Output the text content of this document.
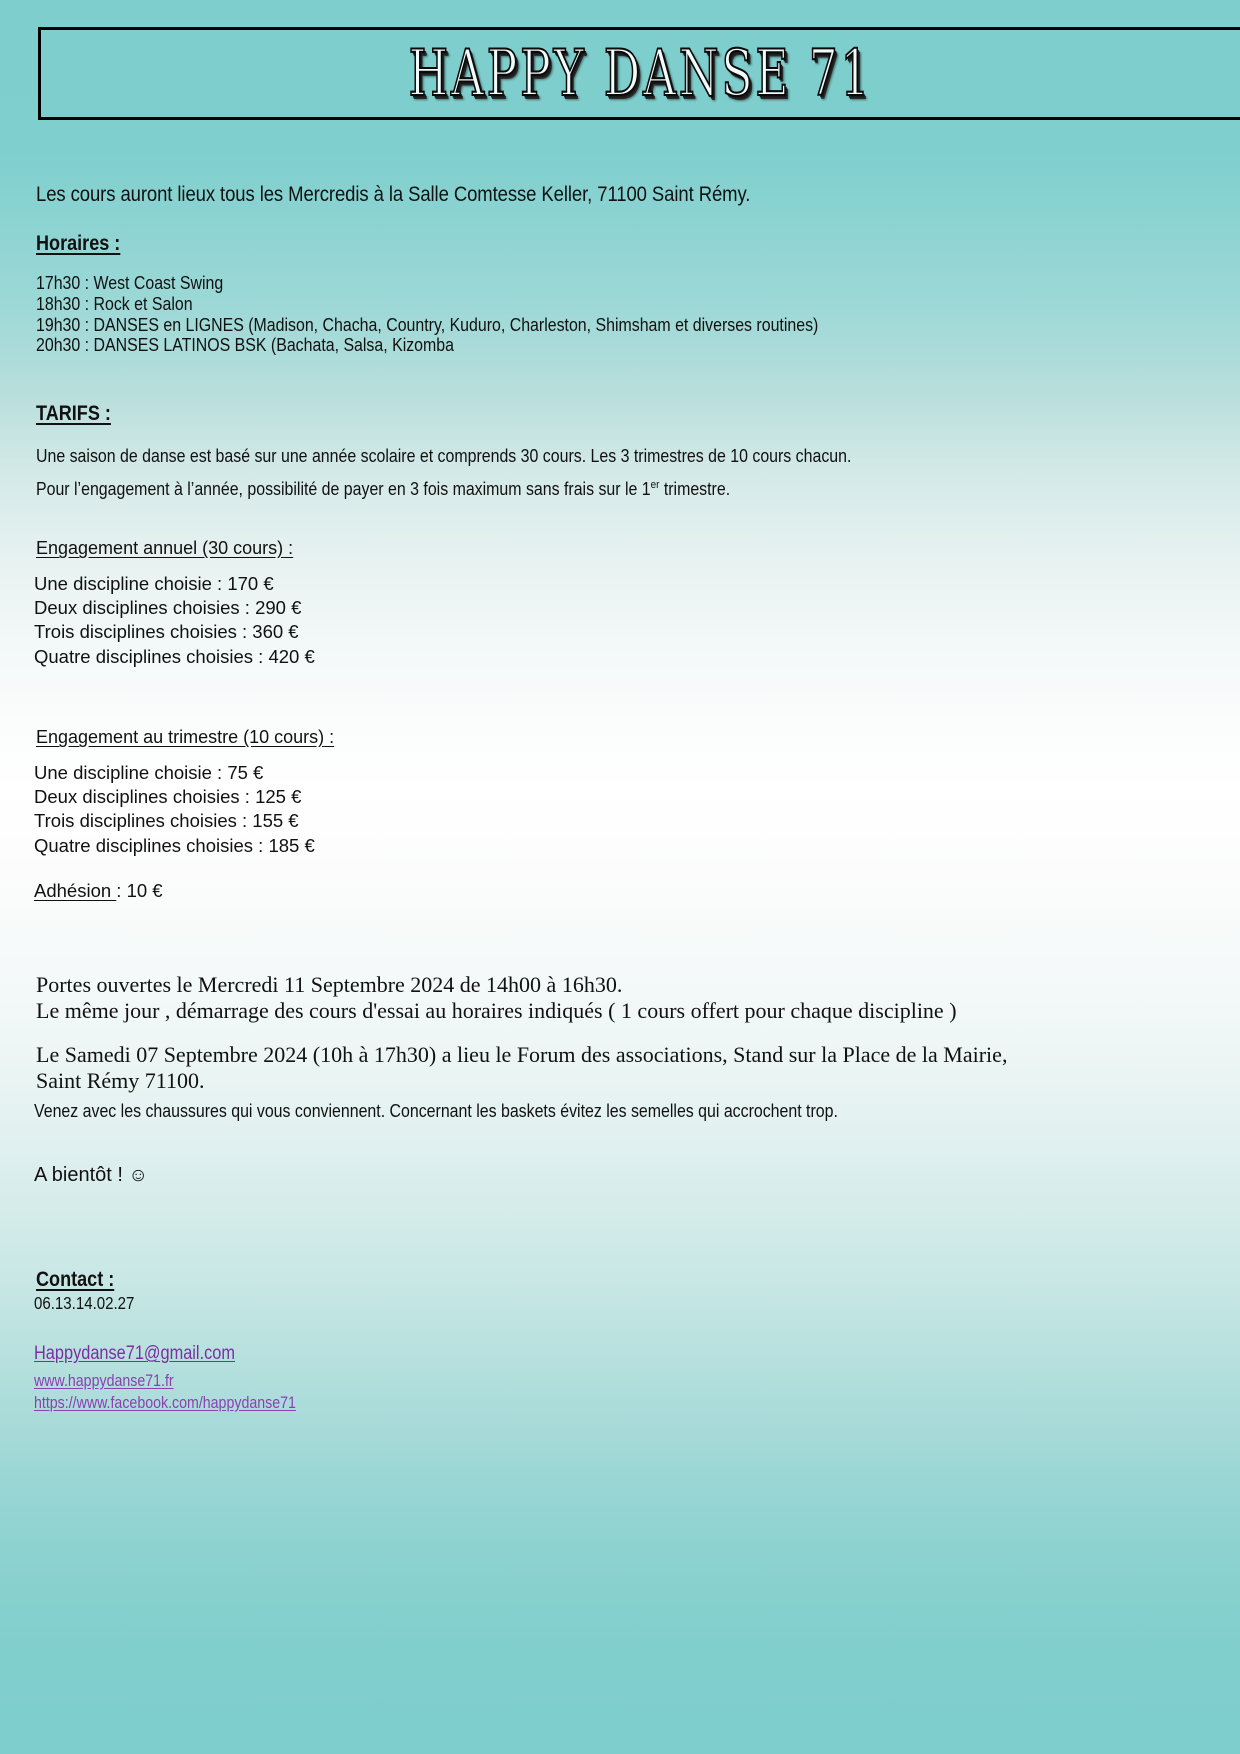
HAPPY DANSE 71
Les cours auront lieux tous les Mercredis à la Salle Comtesse Keller, 71100 Saint Rémy.
Horaires :
17h30 : West Coast Swing
18h30 : Rock et Salon
19h30 : DANSES en LIGNES (Madison, Chacha, Country, Kuduro, Charleston, Shimsham et diverses routines)
20h30 : DANSES LATINOS BSK (Bachata, Salsa, Kizomba
TARIFS :
Une saison de danse est basé sur une année scolaire et comprends 30 cours. Les 3 trimestres de 10 cours chacun.
Pour l’engagement à l’année, possibilité de payer en 3 fois maximum sans frais sur le 1er trimestre.
Engagement annuel (30 cours) :
Une discipline choisie : 170 €
Deux disciplines choisies : 290 €
Trois disciplines choisies : 360 €
Quatre disciplines choisies : 420 €
Engagement au trimestre (10 cours) :
Une discipline choisie : 75 €
Deux disciplines choisies : 125 €
Trois disciplines choisies : 155 €
Quatre disciplines choisies : 185 €
Adhésion : 10 €
Portes ouvertes le Mercredi 11 Septembre 2024 de 14h00 à 16h30.
Le même jour , démarrage des cours d'essai au horaires indiqués ( 1 cours offert pour chaque discipline )
Le Samedi 07 Septembre 2024 (10h à 17h30) a lieu le Forum des associations, Stand sur la Place de la Mairie,
Saint Rémy 71100.
Venez avec les chaussures qui vous conviennent. Concernant les baskets évitez les semelles qui accrochent trop.
A bientôt ! ☺
Contact :
06.13.14.02.27
Happydanse71@gmail.com
www.happydanse71.fr
https://www.facebook.com/happydanse71
